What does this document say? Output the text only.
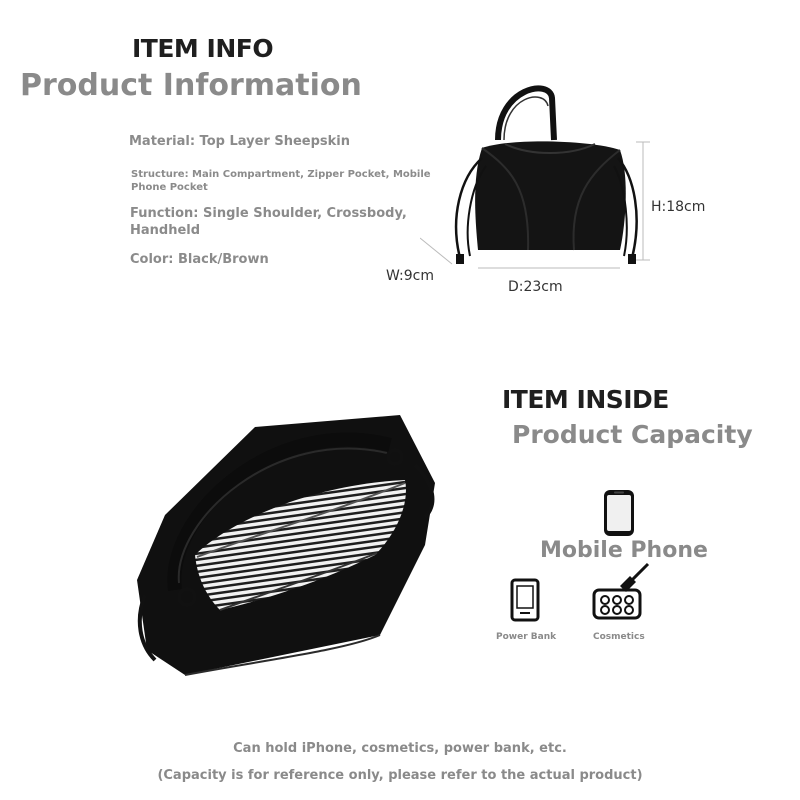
ITEM INFO
Product Information
Material: Top Layer Sheepskin
Structure: Main Compartment, Zipper Pocket, Mobile Phone Pocket
Function: Single Shoulder, Crossbody, Handheld
Color: Black/Brown
H:18cm
W:9cm
D:23cm
ITEM INSIDE
Product Capacity
Mobile Phone
Power Bank	Cosmetics
Can hold iPhone, cosmetics, power bank, etc.
(Capacity is for reference only, please refer to the actual product)
